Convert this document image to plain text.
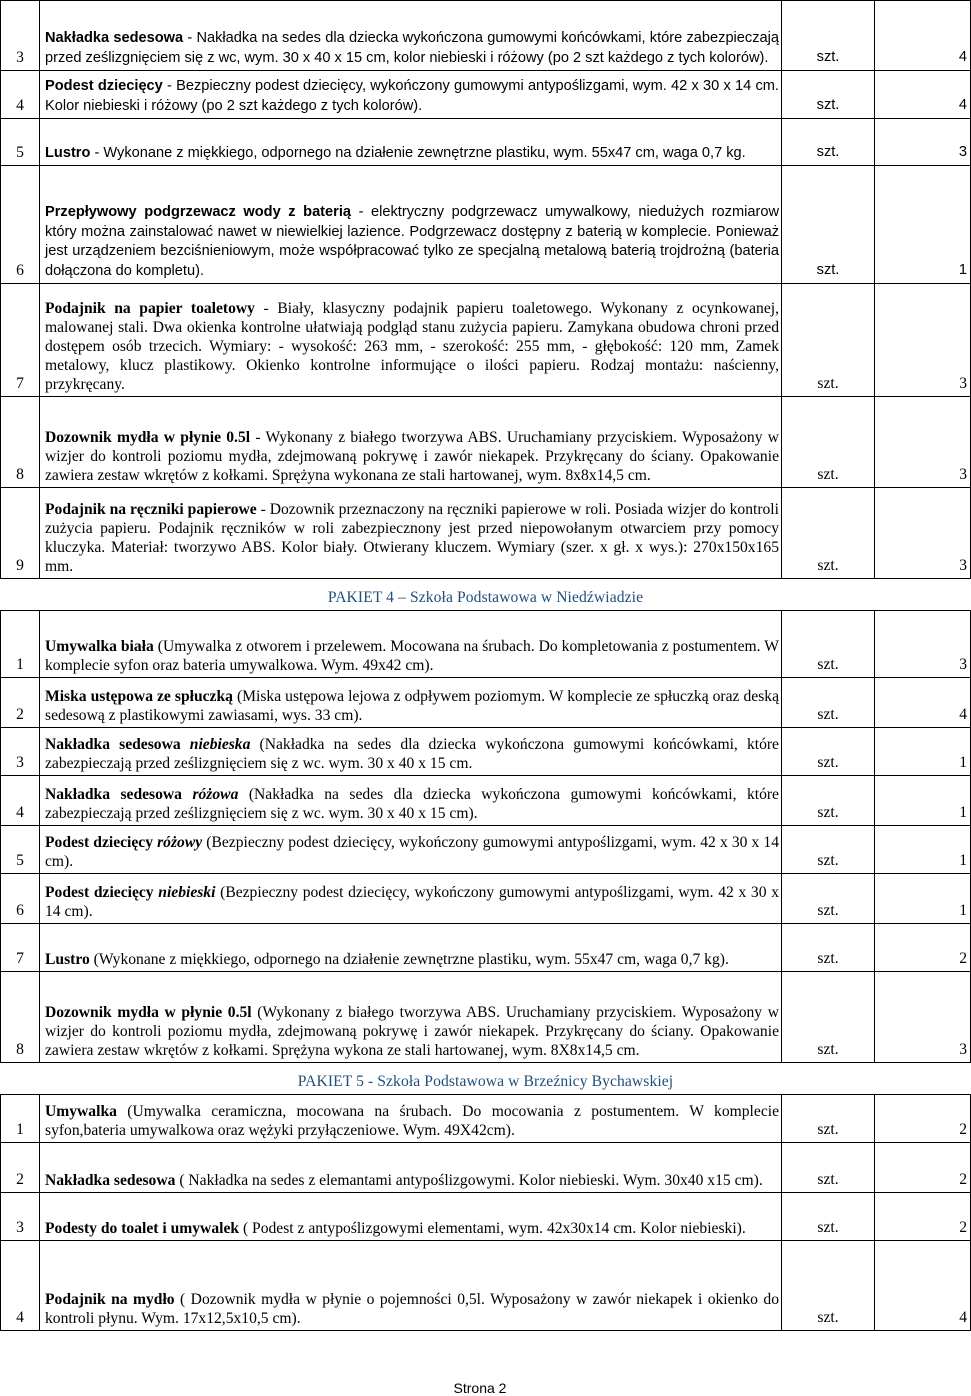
3	Nakładka sedesowa - Nakładka na sedes dla dziecka wykończona gumowymi końcówkami, które zabezpieczają przed ześlizgnięciem się z wc, wym. 30 x 40 x 15 cm, kolor niebieski i różowy (po 2 szt każdego z tych kolorów).	szt.	4
4	Podest dziecięcy - Bezpieczny podest dziecięcy, wykończony gumowymi antypoślizgami, wym. 42 x 30 x 14 cm. Kolor niebieski i różowy (po 2 szt każdego z tych kolorów).	szt.	4
5	Lustro - Wykonane z miękkiego, odpornego na działenie zewnętrzne plastiku, wym. 55x47 cm, waga 0,7 kg.	szt.	3
6	Przepływowy podgrzewacz wody z baterią - elektryczny podgrzewacz umywalkowy, niedużych rozmiarow który można zainstalować nawet w niewielkiej lazience. Podgrzewacz dostępny z baterią w komplecie. Ponieważ jest urządzeniem bezciśnieniowym, może współpracować tylko ze specjalną metalową baterią trojdrożną (bateria dołączona do kompletu).	szt.	1
7	Podajnik na papier toaletowy - Biały, klasyczny podajnik papieru toaletowego. Wykonany z ocynkowanej, malowanej stali. Dwa okienka kontrolne ułatwiają podgląd stanu zużycia papieru. Zamykana obudowa chroni przed dostępem osób trzecich. Wymiary: - wysokość: 263 mm, - szerokość: 255 mm, - głębokość: 120 mm, Zamek metalowy, klucz plastikowy. Okienko kontrolne informujące o ilości papieru. Rodzaj montażu: naścienny, przykręcany.	szt.	3
8	Dozownik mydła w płynie 0.5l - Wykonany z białego tworzywa ABS. Uruchamiany przyciskiem. Wyposażony w wizjer do kontroli poziomu mydła, zdejmowaną pokrywę i zawór niekapek. Przykręcany do ściany. Opakowanie zawiera zestaw wkrętów z kołkami. Sprężyna wykonana ze stali hartowanej, wym. 8x8x14,5 cm.	szt.	3
9	Podajnik na ręczniki papierowe - Dozownik przeznaczony na ręczniki papierowe w roli. Posiada wizjer do kontroli zużycia papieru. Podajnik ręczników w roli zabezpiecznony jest przed niepowołanym otwarciem przy pomocy kluczyka. Materiał: tworzywo ABS. Kolor biały. Otwierany kluczem. Wymiary (szer. x gł. x wys.): 270x150x165 mm.	szt.	3
PAKIET 4 – Szkoła Podstawowa w Niedźwiadzie			
1	Umywalka biała (Umywalka z otworem i przelewem. Mocowana na śrubach. Do kompletowania z postumentem. W komplecie syfon oraz bateria umywalkowa. Wym. 49x42 cm).	szt.	3
2	Miska ustępowa ze spłuczką (Miska ustępowa lejowa z odpływem poziomym. W komplecie ze spłuczką oraz deską sedesową z plastikowymi zawiasami, wys. 33 cm).	szt.	4
3	Nakładka sedesowa niebieska (Nakładka na sedes dla dziecka wykończona gumowymi końcówkami, które zabezpieczają przed ześlizgnięciem się z wc. wym. 30 x 40 x 15 cm.	szt.	1
4	Nakładka sedesowa różowa (Nakładka na sedes dla dziecka wykończona gumowymi końcówkami, które zabezpieczają przed ześlizgnięciem się z wc. wym. 30 x 40 x 15 cm).	szt.	1
5	Podest dziecięcy różowy (Bezpieczny podest dziecięcy, wykończony gumowymi antypoślizgami, wym. 42 x 30 x 14 cm).	szt.	1
6	Podest dziecięcy niebieski (Bezpieczny podest dziecięcy, wykończony gumowymi antypoślizgami, wym. 42 x 30 x 14 cm).	szt.	1
7	Lustro (Wykonane z miękkiego, odpornego na działenie zewnętrzne plastiku, wym. 55x47 cm, waga 0,7 kg).	szt.	2
8	Dozownik mydła w płynie 0.5l (Wykonany z białego tworzywa ABS. Uruchamiany przyciskiem. Wyposażony w wizjer do kontroli poziomu mydła, zdejmowaną pokrywę i zawór niekapek. Przykręcany do ściany. Opakowanie zawiera zestaw wkrętów z kołkami. Sprężyna wykona ze stali hartowanej, wym. 8X8x14,5 cm.	szt.	3
PAKIET 5 - Szkoła Podstawowa w Brzeźnicy Bychawskiej			
1	Umywalka (Umywalka ceramiczna, mocowana na śrubach. Do mocowania z postumentem. W komplecie syfon,bateria umywalkowa oraz wężyki przyłączeniowe. Wym. 49X42cm).	szt.	2
2	Nakładka sedesowa ( Nakładka na sedes z elemantami antypoślizgowymi. Kolor niebieski. Wym. 30x40 x15 cm).	szt.	2
3	Podesty do toalet i umywalek ( Podest z antypoślizgowymi elementami, wym. 42x30x14 cm. Kolor niebieski).	szt.	2
4	Podajnik na mydło ( Dozownik mydła w płynie o pojemności 0,5l. Wyposażony w zawór niekapek i okienko do kontroli płynu. Wym. 17x12,5x10,5 cm).	szt.	4
Strona 2
